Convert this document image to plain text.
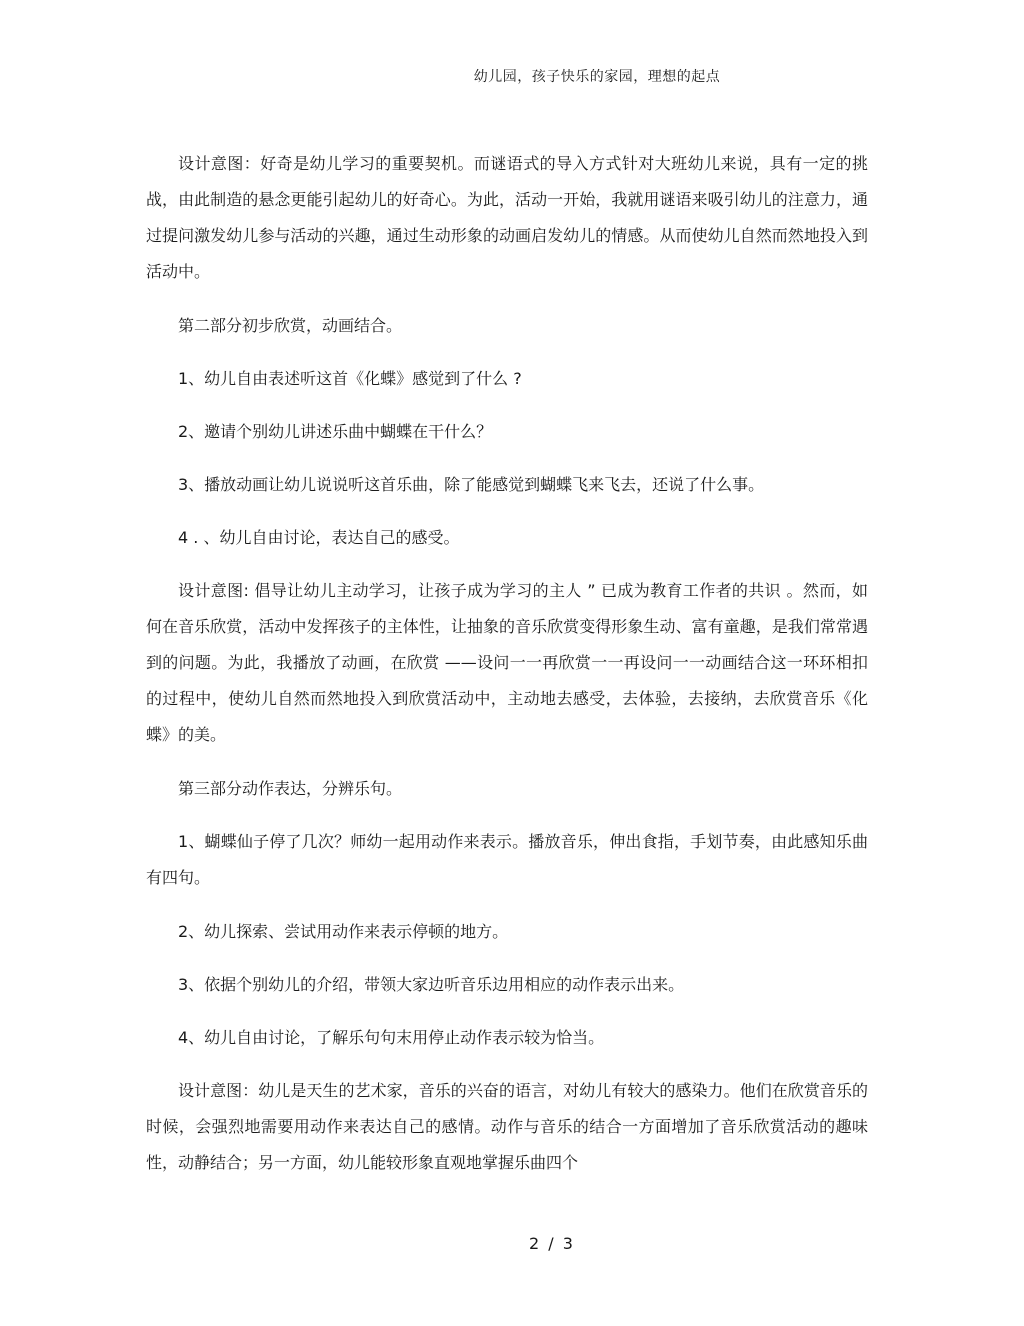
幼儿园，孩子快乐的家园，理想的起点

设计意图：好奇是幼儿学习的重要契机。而谜语式的导入方式针对大班幼儿来说，具有一定的挑战，由此制造的悬念更能引起幼儿的好奇心。为此，活动一开始，我就用谜语来吸引幼儿的注意力，通过提问激发幼儿参与活动的兴趣，通过生动形象的动画启发幼儿的情感。从而使幼儿自然而然地投入到活动中。

第二部分初步欣赏，动画结合。

1、幼儿自由表述听这首《化蝶》感觉到了什么 ?

2、邀请个别幼儿讲述乐曲中蝴蝶在干什么？

3、播放动画让幼儿说说听这首乐曲，除了能感觉到蝴蝶飞来飞去，还说了什么事。

4 . 、幼儿自由讨论，表达自己的感受。

设计意图: 倡导让幼儿主动学习，让孩子成为学习的主人 ” 已成为教育工作者的共识 。然而，如何在音乐欣赏，活动中发挥孩子的主体性，让抽象的音乐欣赏变得形象生动、富有童趣，是我们常常遇到的问题。为此，我播放了动画，在欣赏 ——设问一一再欣赏一一再设问一一动画结合这一环环相扣的过程中，使幼儿自然而然地投入到欣赏活动中，主动地去感受，去体验，去接纳，去欣赏音乐《化蝶》的美。

第三部分动作表达，分辨乐句。

1、蝴蝶仙子停了几次？师幼一起用动作来表示。播放音乐，伸出食指，手划节奏，由此感知乐曲有四句。

2、幼儿探索、尝试用动作来表示停顿的地方。

3、依据个别幼儿的介绍，带领大家边听音乐边用相应的动作表示出来。

4、幼儿自由讨论，了解乐句句末用停止动作表示较为恰当。

设计意图：幼儿是天生的艺术家，音乐的兴奋的语言，对幼儿有较大的感染力。他们在欣赏音乐的时候，会强烈地需要用动作来表达自己的感情。动作与音乐的结合一方面增加了音乐欣赏活动的趣味性，动静结合；另一方面，幼儿能较形象直观地掌握乐曲四个

2 / 3
